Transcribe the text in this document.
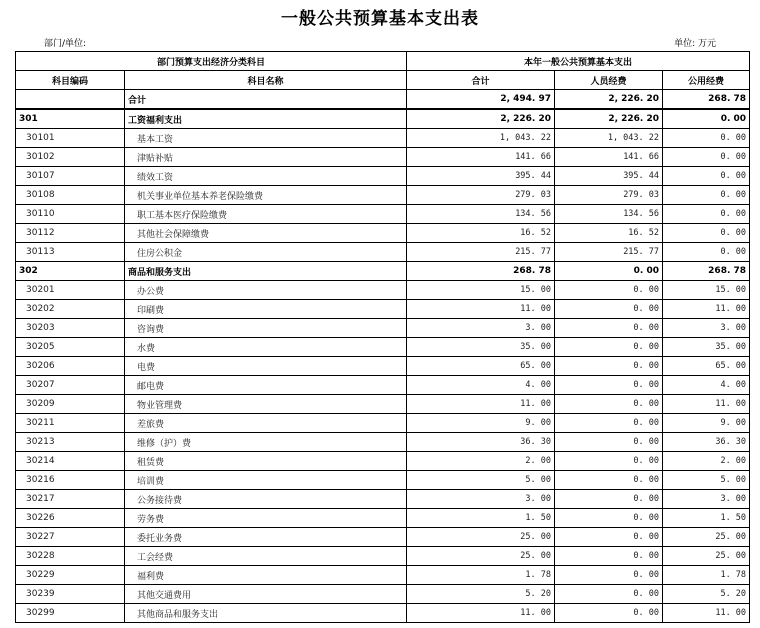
一般公共预算基本支出表
部门/单位:	单位: 万元
部门预算支出经济分类科目		本年一般公共预算基本支出		
科目编码	科目名称	合计	人员经费	公用经费
	合计	2, 494. 97	2, 226. 20	268. 78
301	工资福利支出	2, 226. 20	2, 226. 20	0. 00
30101	基本工资	1, 043. 22	1, 043. 22	0. 00
30102	津贴补贴	141. 66	141. 66	0. 00
30107	绩效工资	395. 44	395. 44	0. 00
30108	机关事业单位基本养老保险缴费	279. 03	279. 03	0. 00
30110	职工基本医疗保险缴费	134. 56	134. 56	0. 00
30112	其他社会保障缴费	16. 52	16. 52	0. 00
30113	住房公积金	215. 77	215. 77	0. 00
302	商品和服务支出	268. 78	0. 00	268. 78
30201	办公费	15. 00	0. 00	15. 00
30202	印刷费	11. 00	0. 00	11. 00
30203	咨询费	3. 00	0. 00	3. 00
30205	水费	35. 00	0. 00	35. 00
30206	电费	65. 00	0. 00	65. 00
30207	邮电费	4. 00	0. 00	4. 00
30209	物业管理费	11. 00	0. 00	11. 00
30211	差旅费	9. 00	0. 00	9. 00
30213	维修（护）费	36. 30	0. 00	36. 30
30214	租赁费	2. 00	0. 00	2. 00
30216	培训费	5. 00	0. 00	5. 00
30217	公务接待费	3. 00	0. 00	3. 00
30226	劳务费	1. 50	0. 00	1. 50
30227	委托业务费	25. 00	0. 00	25. 00
30228	工会经费	25. 00	0. 00	25. 00
30229	福利费	1. 78	0. 00	1. 78
30239	其他交通费用	5. 20	0. 00	5. 20
30299	其他商品和服务支出	11. 00	0. 00	11. 00
